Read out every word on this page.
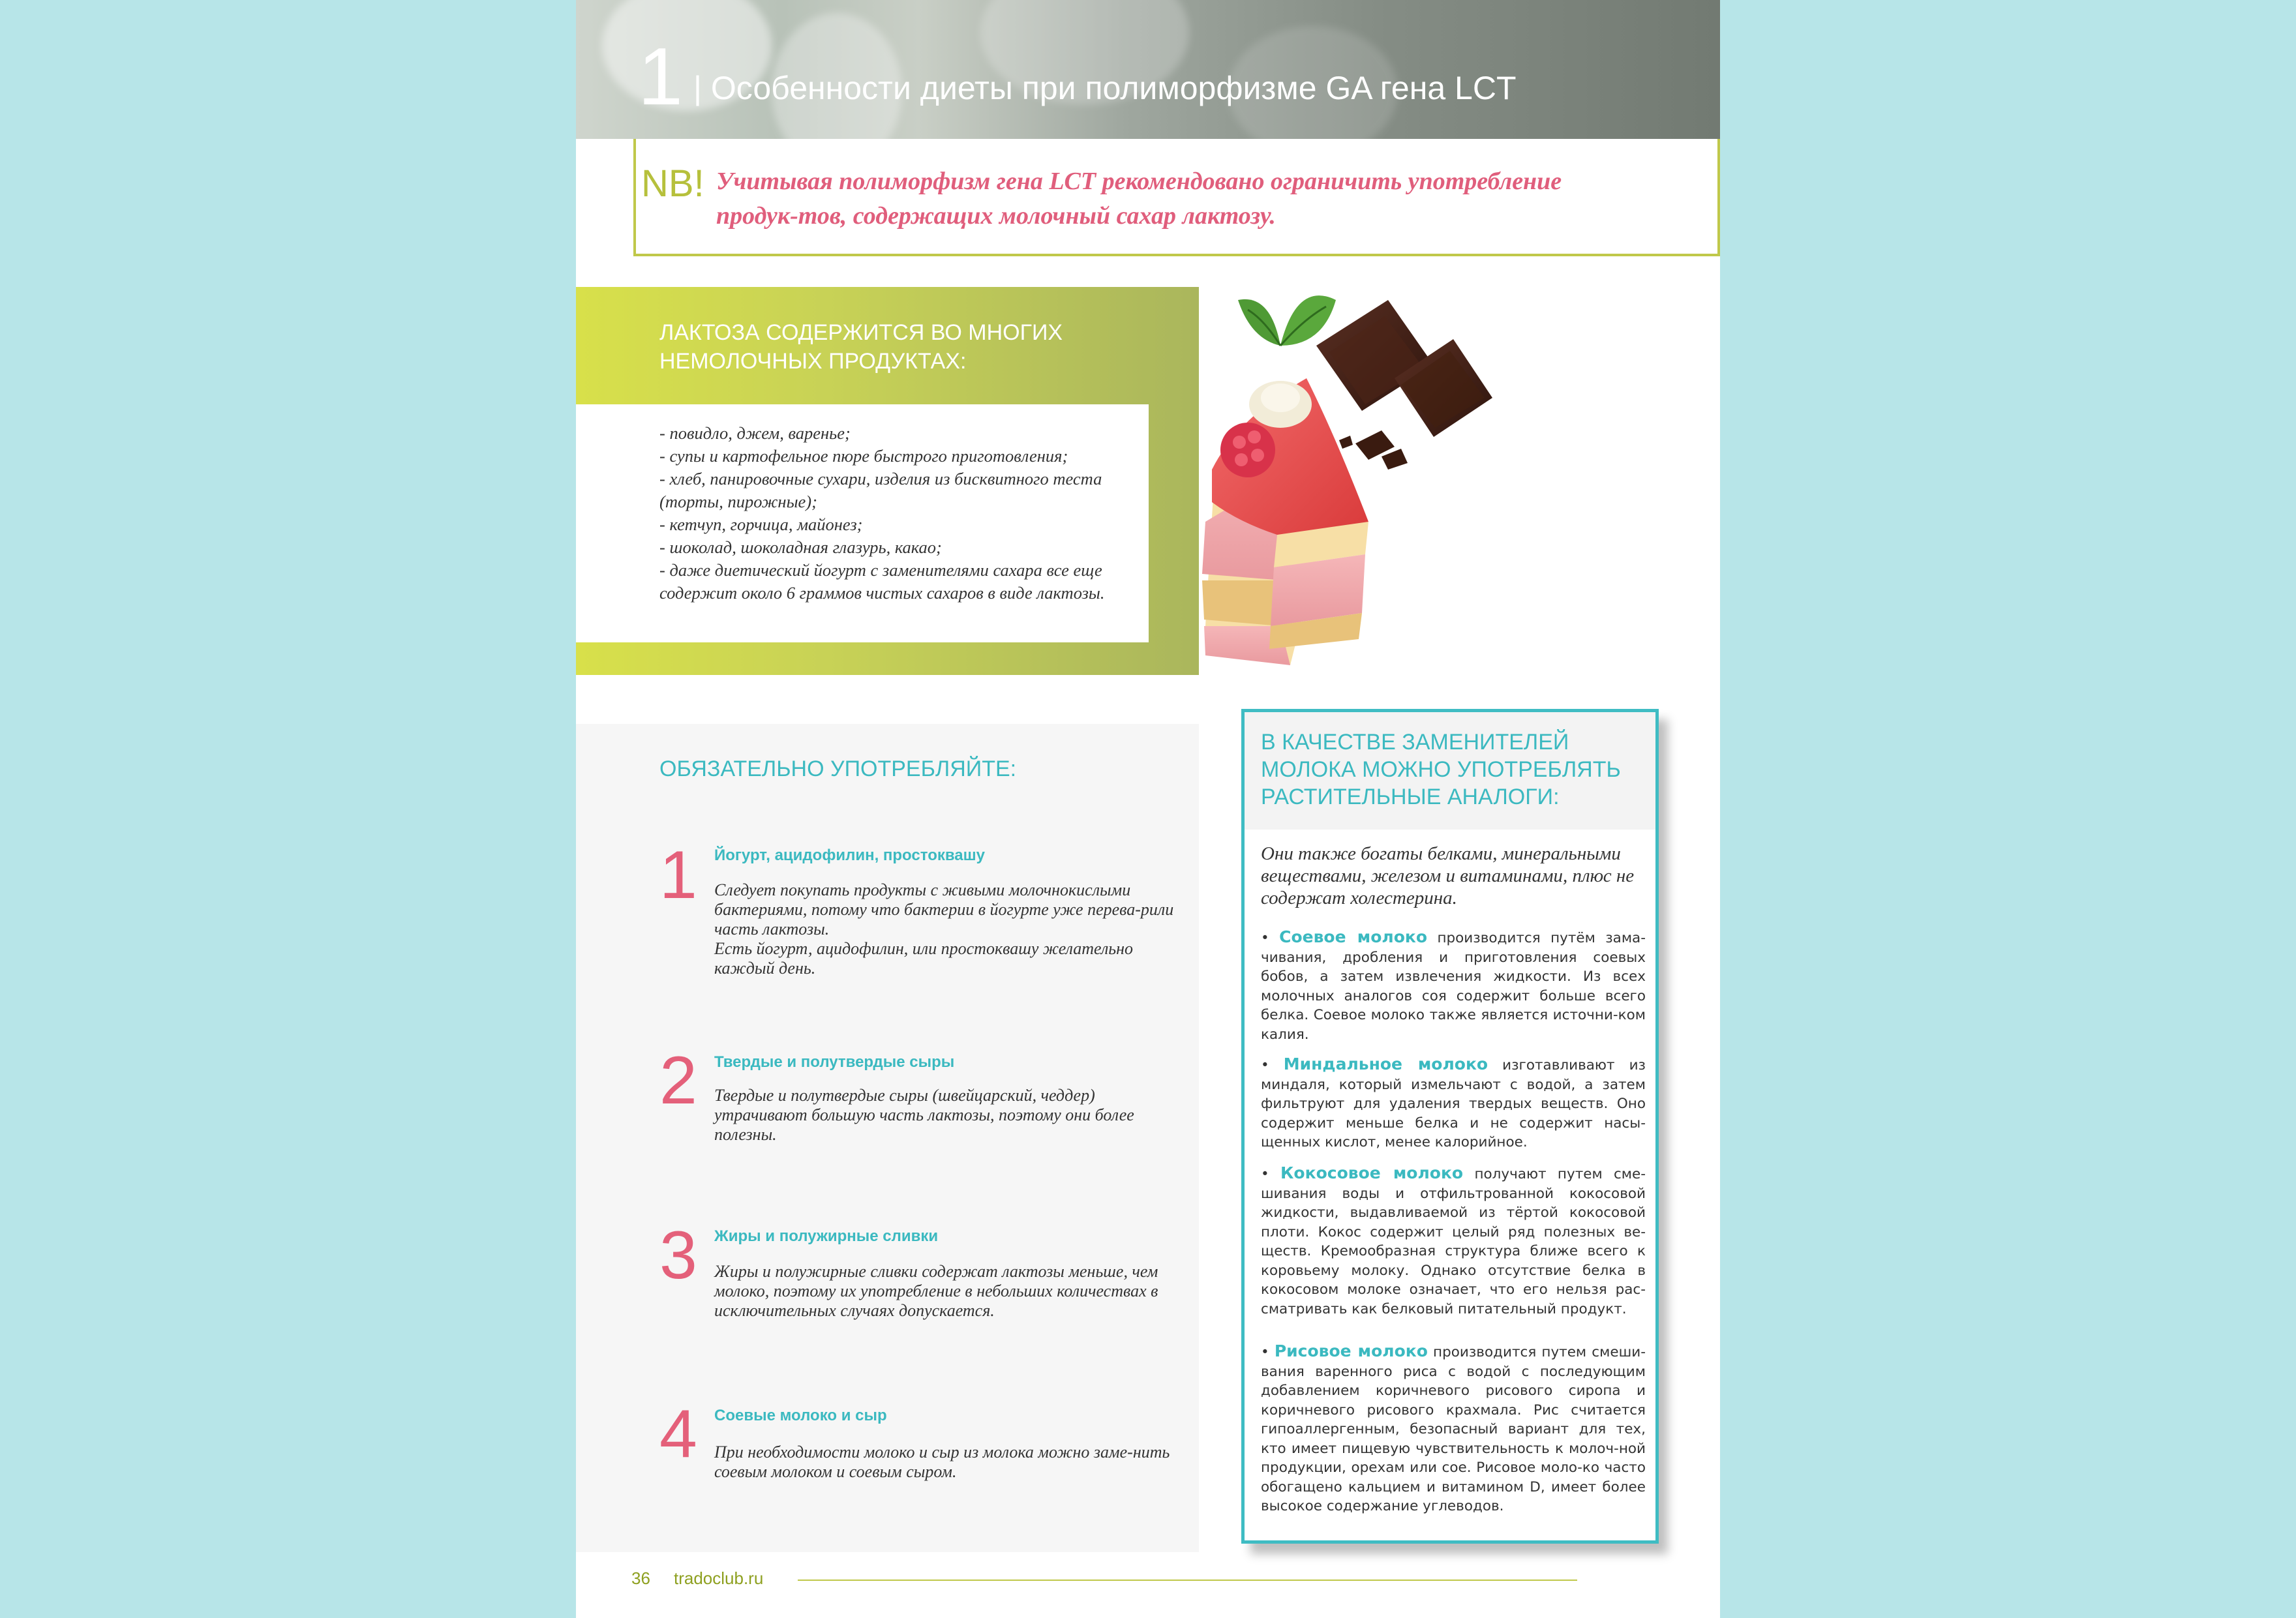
1 | Особенности диеты при полиморфизме GA гена LCT
NB! Учитывая полиморфизм гена LCT рекомендовано ограничить употребление продук-тов, содержащих молочный сахар лактозу.
ЛАКТОЗА СОДЕРЖИТСЯ ВО МНОГИХ НЕМОЛОЧНЫХ ПРОДУКТАХ:

- повидло, джем, варенье;
- супы и картофельное пюре быстрого приготовления;
- хлеб, панировочные сухари, изделия из бисквитного теста (торты, пирожные);
- кетчуп, горчица, майонез;
- шоколад, шоколадная глазурь, какао;
- даже диетический йогурт с заменителями сахара все еще содержит около 6 граммов чистых сахаров в виде лактозы.

ОБЯЗАТЕЛЬНО УПОТРЕБЛЯЙТЕ:
1 Йогурт, ацидофилин, простоквашу
Следует покупать продукты с живыми молочнокислыми бактериями, потому что бактерии в йогурте уже перева-рили часть лактозы.
Есть йогурт, ацидофилин, или простоквашу желательно каждый день.
2 Твердые и полутвердые сыры
Твердые и полутвердые сыры (швейцарский, чеддер) утрачивают большую часть лактозы, поэтому они более полезны.
3 Жиры и полужирные сливки
Жиры и полужирные сливки содержат лактозы меньше, чем молоко, поэтому их употребление в небольших количествах в исключительных случаях допускается.
4 Соевые молоко и сыр
При необходимости молоко и сыр из молока можно заме-нить соевым молоком и соевым сыром.
В КАЧЕСТВЕ ЗАМЕНИТЕЛЕЙ МОЛОКА МОЖНО УПОТРЕБЛЯТЬ РАСТИТЕЛЬНЫЕ АНАЛОГИ:
Они также богаты белками, минеральными веществами, железом и витаминами, плюс не содержат холестерина.
• Соевое молоко производится путём зама-чивания, дробления и приготовления соевых бобов, а затем извлечения жидкости. Из всех молочных аналогов соя содержит больше всего белка. Соевое молоко также является источни-ком калия.
• Миндальное молоко изготавливают из миндаля, который измельчают с водой, а затем фильтруют для удаления твердых веществ. Оно содержит меньше белка и не содержит насы-щенных кислот, менее калорийное.
• Кокосовое молоко получают путем сме-шивания воды и отфильтрованной кокосовой жидкости, выдавливаемой из тёртой кокосовой плоти. Кокос содержит целый ряд полезных ве-ществ. Кремообразная структура ближе всего к коровьему молоку. Однако отсутствие белка в кокосовом молоке означает, что его нельзя рас-сматривать как белковый питательный продукт.
• Рисовое молоко производится путем смеши-вания варенного риса с водой с последующим добавлением коричневого рисового сиропа и коричневого рисового крахмала. Рис считается гипоаллергенным, безопасный вариант для тех, кто имеет пищевую чувствительность к молоч-ной продукции, орехам или сое. Рисовое моло-ко часто обогащено кальцием и витамином D, имеет более высокое содержание углеводов.
36 tradoclub.ru
